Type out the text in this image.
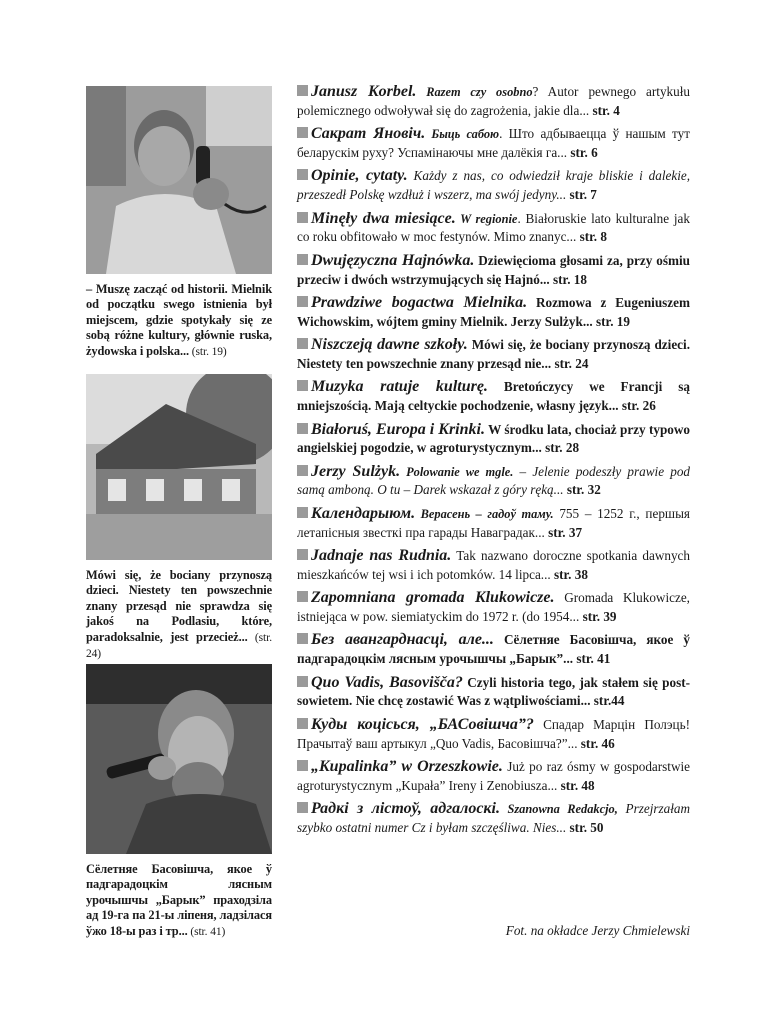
– Muszę zacząć od historii. Mielnik od początku swego istnienia był miejscem, gdzie spotykały się ze sobą różne kultury, głównie ruska, żydowska i polska... (str. 19)
Mówi się, że bociany przynoszą dzieci. Niestety ten powszechnie znany przesąd nie sprawdza się jakoś na Podlasiu, które, paradoksalnie, jest przecież... (str. 24)
Сёлетняе Басовішча, якое ў падгарадоцкім лясным урочышчы „Барык” праходзіла ад 19-га па 21-ы ліпеня, ладзілася ўжо 18-ы раз і тр... (str. 41)
Janusz Korbel. Razem czy osobno? Autor pewnego artykułu polemicznego odwoływał się do zagrożenia, jakie dla... str. 4
Сакрат Яновіч. Быць сабою. Што адбываецца ў нашым тут беларускім руху? Успамінаючы мне далёкія га... str. 6
Opinie, cytaty. Każdy z nas, co odwiedził kraje bliskie i dalekie, przeszedł Polskę wzdłuż i wszerz, ma swój jedyny... str. 7
Minęły dwa miesiące. W regionie. Białoruskie lato kulturalne jak co roku obfitowało w moc festynów. Mimo znanyc... str. 8
Dwujęzyczna Hajnówka. Dziewięcioma głosami za, przy ośmiu przeciw i dwóch wstrzymujących się Hajnó... str. 18
Prawdziwe bogactwa Mielnika. Rozmowa z Eugeniuszem Wichowskim, wójtem gminy Mielnik. Jerzy Sulżyk... str. 19
Niszczeją dawne szkoły. Mówi się, że bociany przynoszą dzieci. Niestety ten powszechnie znany przesąd nie... str. 24
Muzyka ratuje kulturę. Bretończycy we Francji są mniejszością. Mają celtyckie pochodzenie, własny język... str. 26
Białoruś, Europa i Krinki. W środku lata, chociaż przy typowo angielskiej pogodzie, w agroturystycznym... str. 28
Jerzy Sulżyk. Polowanie we mgle. – Jelenie podeszły prawie pod samą amboną. O tu – Darek wskazał z góry ręką... str. 32
Календарыюм. Верасень – гадоў таму. 755 – 1252 г., першыя летапісныя звесткі пра гарады Навагрaдак... str. 37
Jadnaje nas Rudnia. Tak nazwano doroczne spotkania dawnych mieszkańców tej wsi i ich potomków. 14 lipca... str. 38
Zapomniana gromada Klukowicze. Gromada Klukowicze, istniejąca w pow. siemiatyckim do 1972 r. (do 1954... str. 39
Без авангарднасці, але... Сёлетняе Басовішча, якое ў падгарадоцкім лясным урочышчы „Барык”... str. 41
Quo Vadis, Basovišča? Czyli historia tego, jak stałem się post-sowietem. Nie chcę zostawić Was z wątpliwościami... str.44
Куды коцісься, „БАСовішча”? Спадар Марцін Полэць! Прачытаў ваш артыкул „Quo Vadis, Басовішча?”... str. 46
„Kupalinka” w Orzeszkowie. Już po raz ósmy w gospodarstwie agroturystycznym „Kupała” Ireny i Zenobiusza... str. 48
Радкі з лістоў, адгалоскі. Szanowna Redakcjo, Przejrzałam szybko ostatni numer Cz i byłam szczęśliwa. Nies... str. 50
Fot. na okładce Jerzy Chmielewski
